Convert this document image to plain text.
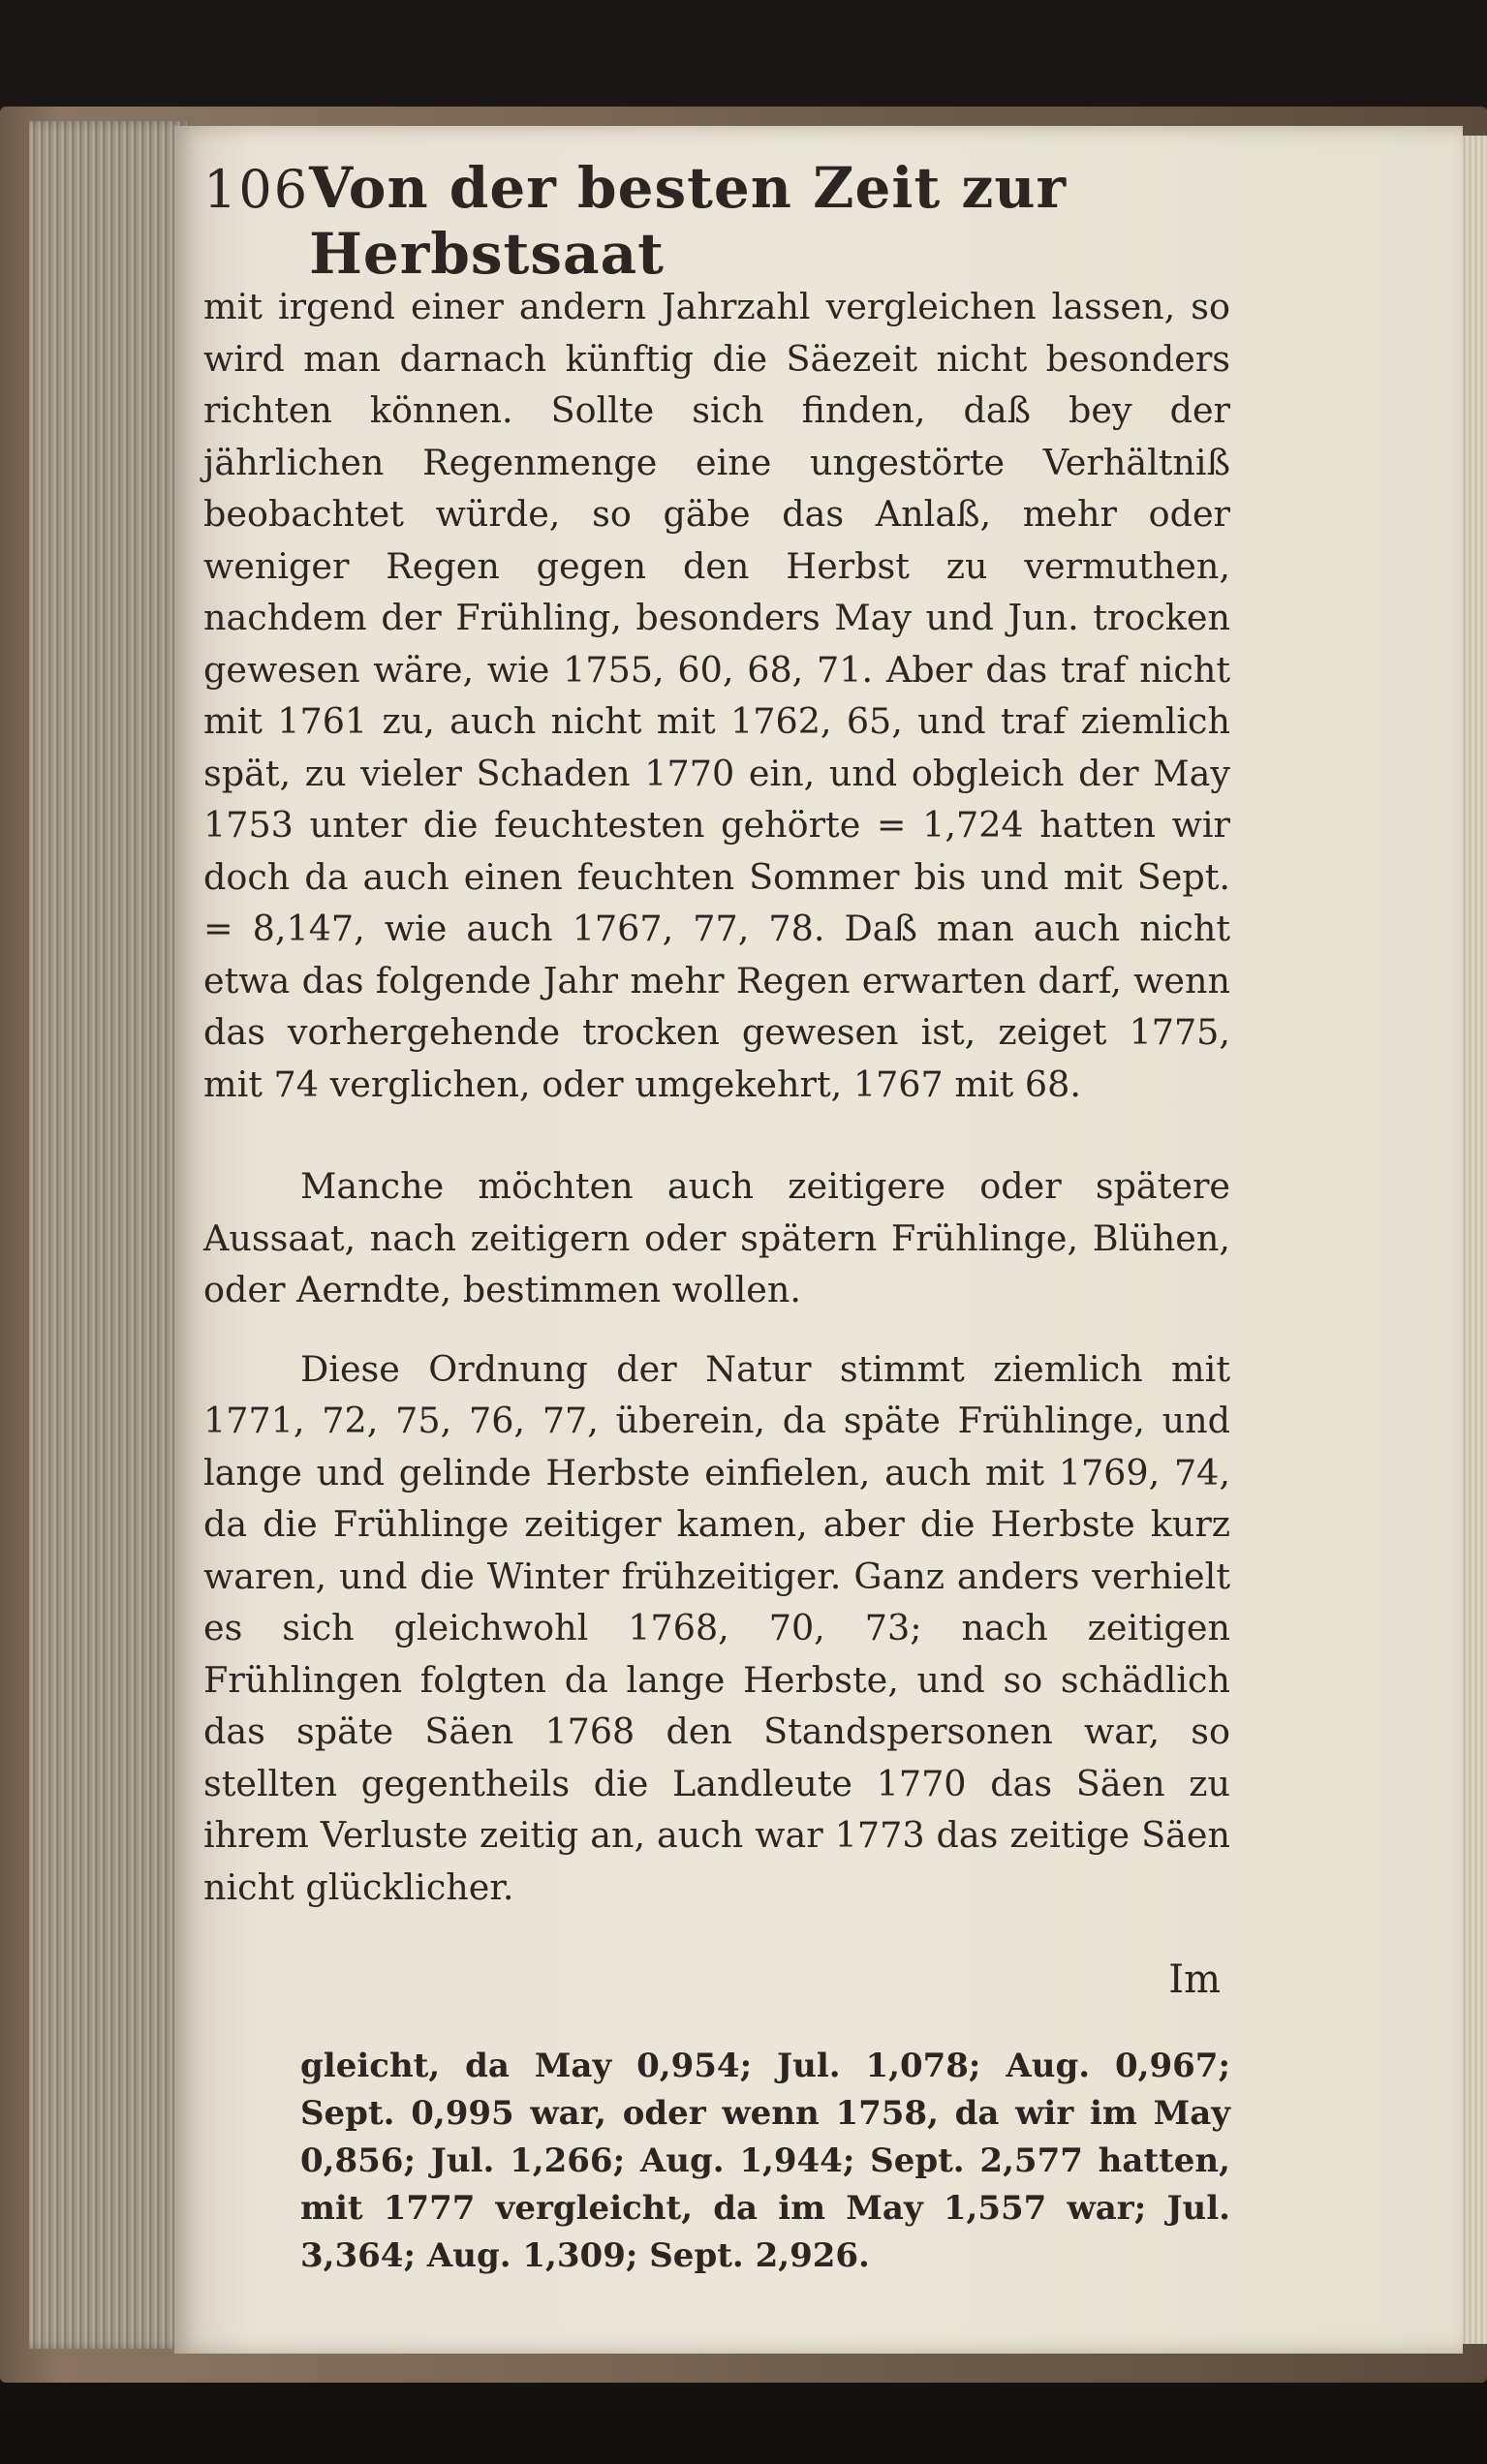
106 Von der besten Zeit zur Herbstsaat

mit irgend einer andern Jahrzahl vergleichen lassen, so wird man darnach künftig die Säezeit nicht besonders richten können. Sollte sich finden, daß bey der jährlichen Regenmenge eine ungestörte Verhältniß beobachtet würde, so gäbe das Anlaß, mehr oder weniger Regen gegen den Herbst zu vermuthen, nachdem der Frühling, besonders May und Jun. trocken gewesen wäre, wie 1755, 60, 68, 71. Aber das traf nicht mit 1761 zu, auch nicht mit 1762, 65, und traf ziemlich spät, zu vieler Schaden 1770 ein, und obgleich der May 1753 unter die feuchtesten gehörte = 1,724 hatten wir doch da auch einen feuchten Sommer bis und mit Sept. = 8,147, wie auch 1767, 77, 78. Daß man auch nicht etwa das folgende Jahr mehr Regen erwarten darf, wenn das vorhergehende trocken gewesen ist, zeiget 1775, mit 74 verglichen, oder umgekehrt, 1767 mit 68.

Manche möchten auch zeitigere oder spätere Aussaat, nach zeitigern oder spätern Frühlinge, Blühen, oder Aerndte, bestimmen wollen.

Diese Ordnung der Natur stimmt ziemlich mit 1771, 72, 75, 76, 77, überein, da späte Frühlinge, und lange und gelinde Herbste einfielen, auch mit 1769, 74, da die Frühlinge zeitiger kamen, aber die Herbste kurz waren, und die Winter frühzeitiger. Ganz anders verhielt es sich gleichwohl 1768, 70, 73; nach zeitigen Frühlingen folgten da lange Herbste, und so schädlich das späte Säen 1768 den Standspersonen war, so stellten gegentheils die Landleute 1770 das Säen zu ihrem Verluste zeitig an, auch war 1773 das zeitige Säen nicht glücklicher.

Im
gleicht, da May 0,954; Jul. 1,078; Aug. 0,967; Sept. 0,995 war, oder wenn 1758, da wir im May 0,856; Jul. 1,266; Aug. 1,944; Sept. 2,577 hatten, mit 1777 vergleicht, da im May 1,557 war; Jul. 3,364; Aug. 1,309; Sept. 2,926.
